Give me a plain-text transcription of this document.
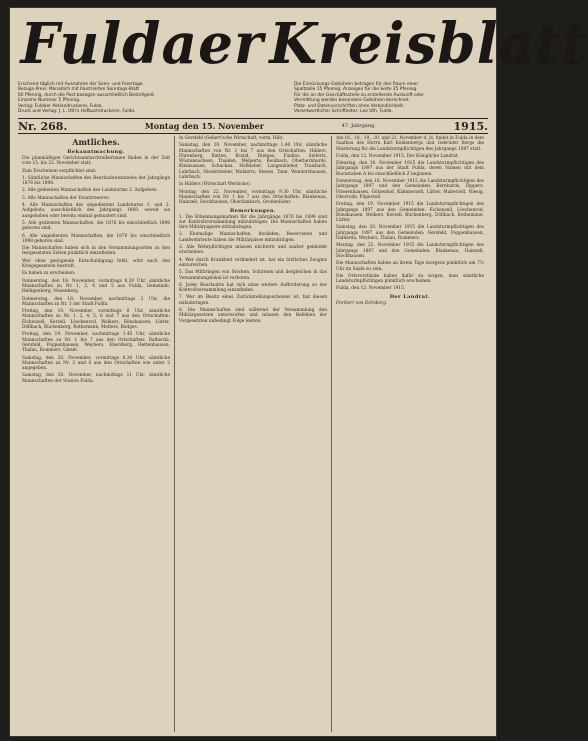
Fuldaer Kreisblatt

Erscheint täglich mit Ausnahme der Sonn- und Feiertage.

Bezugs-Preis: Monatlich mit Illustrierten Sonntags-Blatt

60 Pfennig, durch die Post bezogen ausschließlich Bestellgeld,

Einzelne Nummer 5 Pfennig.

Verlag: Fuldaer Aktiendruckerei, Fulda.

Druck und Verlag: J. L. Uth's Hofbuchdruckerei, Fulda.

Die Einrückungs-Gebühren betragen für den Raum einer

Spaltzeile 15 Pfennig. Anzeigen für die Seite 25 Pfennig.

Für die an der Geschäftsstelle zu erstellende Auskunft oder

Vermittlung werden besondere Gebühren berechnet.

Platz- und Datenvorschriften ohne Verbindlichkeit.

Verantwortlicher Schriftleiter: Leo Uth, Fulda.

Nr. 268.	Montag den 15. November	47. Jahrgang.	1915.
Amtliches.
Bekanntmachung.

Die planmäßigen Gerichtsamtsschreiberinnen finden in der Zeit vom 15. bis 22. November statt.

Zum Erscheinen verpflichtet sind:

1. Sämtliche Mannschaften des Beurlaubtenstandes der Jahrgänge 1876 bis 1898.

2. Alle gedienten Mannschaften des Landsturms 2. Aufgebots.

3. Alle Mannschaften der Ersatzreserve.

4. Alle Mannschaften des ungedienten Landsturms 1. und 2. Aufgebots, ausschließlich des Jahrgangs 1869, soweit sie ausgehoben oder bereits einmal gemustert sind.

5. Alle gedienten Mannschaften, die 1876 bis einschließlich 1898 geboren sind.

6. Alle ungedienten Mannschaften, die 1870 bis einschließlich 1898 geboren sind.

Die Mannschaften haben sich in den Versammlungsorten zu den festgesetzten Zeiten pünktlich einzufinden.

Wer ohne genügende Entschuldigung fehlt, wird nach den Kriegsgesetzen bestraft.

Es haben zu erscheinen:

Donnerstag, den 18. November, vormittags 8.30 Uhr, sämtliche Mannschaften zu Nr. 1, 2, 4 und 5 aus Fulda, Gemeinde, Heiligenberg, Neuenberg.

Donnerstag, den 18. November, nachmittags 2 Uhr, die Mannschaften zu Nr. 3 der Stadt Fulda.

Freitag, den 19. November, vormittags 8 Uhr, sämtliche Mannschaften zu Nr. 1, 2, 4, 5, 6 und 7 aus den Ortschaften: Eichenzell, Kerzell, Löschenrod, Welkers, Rönshausen, Lütter, Döllbach, Büchenberg, Rothemann, Melters, Rodges.

Freitag, den 19. November, nachmittags 1.45 Uhr, sämtliche Mannschaften zu Nr. 1 bis 7 aus den Ortschaften: Dalherda, Gersfeld, Poppenhausen, Weyhers, Ebersberg, Hettenhausen, Thalau, Rommerz, Giesel.

Samstag, den 20. November, vormittags 8.30 Uhr, sämtliche Mannschaften zu Nr. 3 und 6 aus den Ortschaften wie unter 2 angegeben.

Samstag, den 20. November, nachmittags 11 Uhr, sämtliche Mannschaften der Station Fulda.

in Gersfeld (Gellert'sche Wirtschaft, vorm. Hill).

Samstag, den 20. November, nachmittags 1.40 Uhr, sämtliche Mannschaften von Nr. 1 bis 7 aus den Ortschaften: Hilders, Ehrenberg, Batten, Brand, Dietges, Findlos, Seiferts, Wüstensachsen, Thaiden, Melperts, Reulbach, Oberbernhards, Kleinsassen, Schackau, Hofbieber, Langenbieber, Traisbach, Lahrbach, Niederbieber, Mahlerts, Steens, Tann, Wendershausen, Lahrbach.

in Hilders (Wirtschaft Wernicke).

Montag, den 22. November, vormittags 9.30 Uhr, sämtliche Mannschaften von Nr. 1 bis 7 aus den Ortschaften: Blankenau, Hainzell, Stockhausen, Oberbimbach, Großenlüder.

Bemerkungen.

1. Die Erkennungsmarken für die Jahrgänge 1876 bis 1898 sind zur Kontrollversammlung mitzubringen. Die Mannschaften haben ihre Militärpapiere mitzubringen.

2. Ehemalige Mannschaften, Invaliden, Reservisten und Landwehrleute haben die Militärpässe mitzubringen.

3. Alle Wehrpflichtigen müssen nüchtern und sauber gekleidet erscheinen.

4. Wer durch Krankheit verhindert ist, hat ein ärztliches Zeugnis einzureichen.

5. Das Mitbringen von Stöcken, Schirmen und dergleichen in das Versammlungslokal ist verboten.

6. Jeder Beurlaubte hat sich ohne weitere Aufforderung zu der Kontrollversammlung einzufinden.

7. Wer im Besitz eines Zurückstellungsscheines ist, hat diesen mitzubringen.

8. Die Mannschaften sind während der Versammlung den Militärgesetzen unterworfen und müssen den Befehlen der Vorgesetzten unbedingt Folge leisten.

Am 16., 18., 19., 20. und 22. November d. Js. findet in Fulda in dem Saalbau des Herrn Karl Kohlenbergs und Gebrüder Bergs die Musterung für die Landsturmpflichtigen des Jahrgangs 1897 statt.

Fulda, den 12. November 1915. Der Königliche Landrat.

Dienstag, den 16. November 1915 die Landsturmpflichtigen des Jahrgangs 1897 aus der Stadt Fulda, deren Namen mit dem Buchstaben A bis einschließlich Z beginnen.

Donnerstag, den 18. November 1915 die Landsturmpflichtigen des Jahrgangs 1897 und den Gemeinden: Bernhards, Dipperz, Friesenhausen, Götzenhof, Kämmerzell, Lütter, Maberzell, Niesig, Oberrode, Pilgerzell.

Freitag, den 19. November 1915 die Landsturmpflichtigen des Jahrgangs 1897 aus den Gemeinden: Eichenzell, Löschenrod, Rönshausen, Welkers, Kerzell, Büchenberg, Döllbach, Rothemann, Lütter.

Samstag, den 20. November 1915 die Landsturmpflichtigen des Jahrgangs 1897 aus den Gemeinden: Gersfeld, Poppenhausen, Dalherda, Weyhers, Thalau, Rommerz.

Montag, den 22. November 1915 die Landsturmpflichtigen des Jahrgangs 1897 und den Gemeinden: Blankenau, Hainzell, Stockhausen.

Die Mannschaften haben an ihrem Tage morgens pünktlich um 7½ Uhr im Saale zu sein.

Die Ortsvorstände haben dafür zu sorgen, dass sämtliche Landsturmpflichtigen pünktlich erscheinen.

Fulda, den 12. November 1915.

Der Landrat.

Freiherr von Dörnberg.
